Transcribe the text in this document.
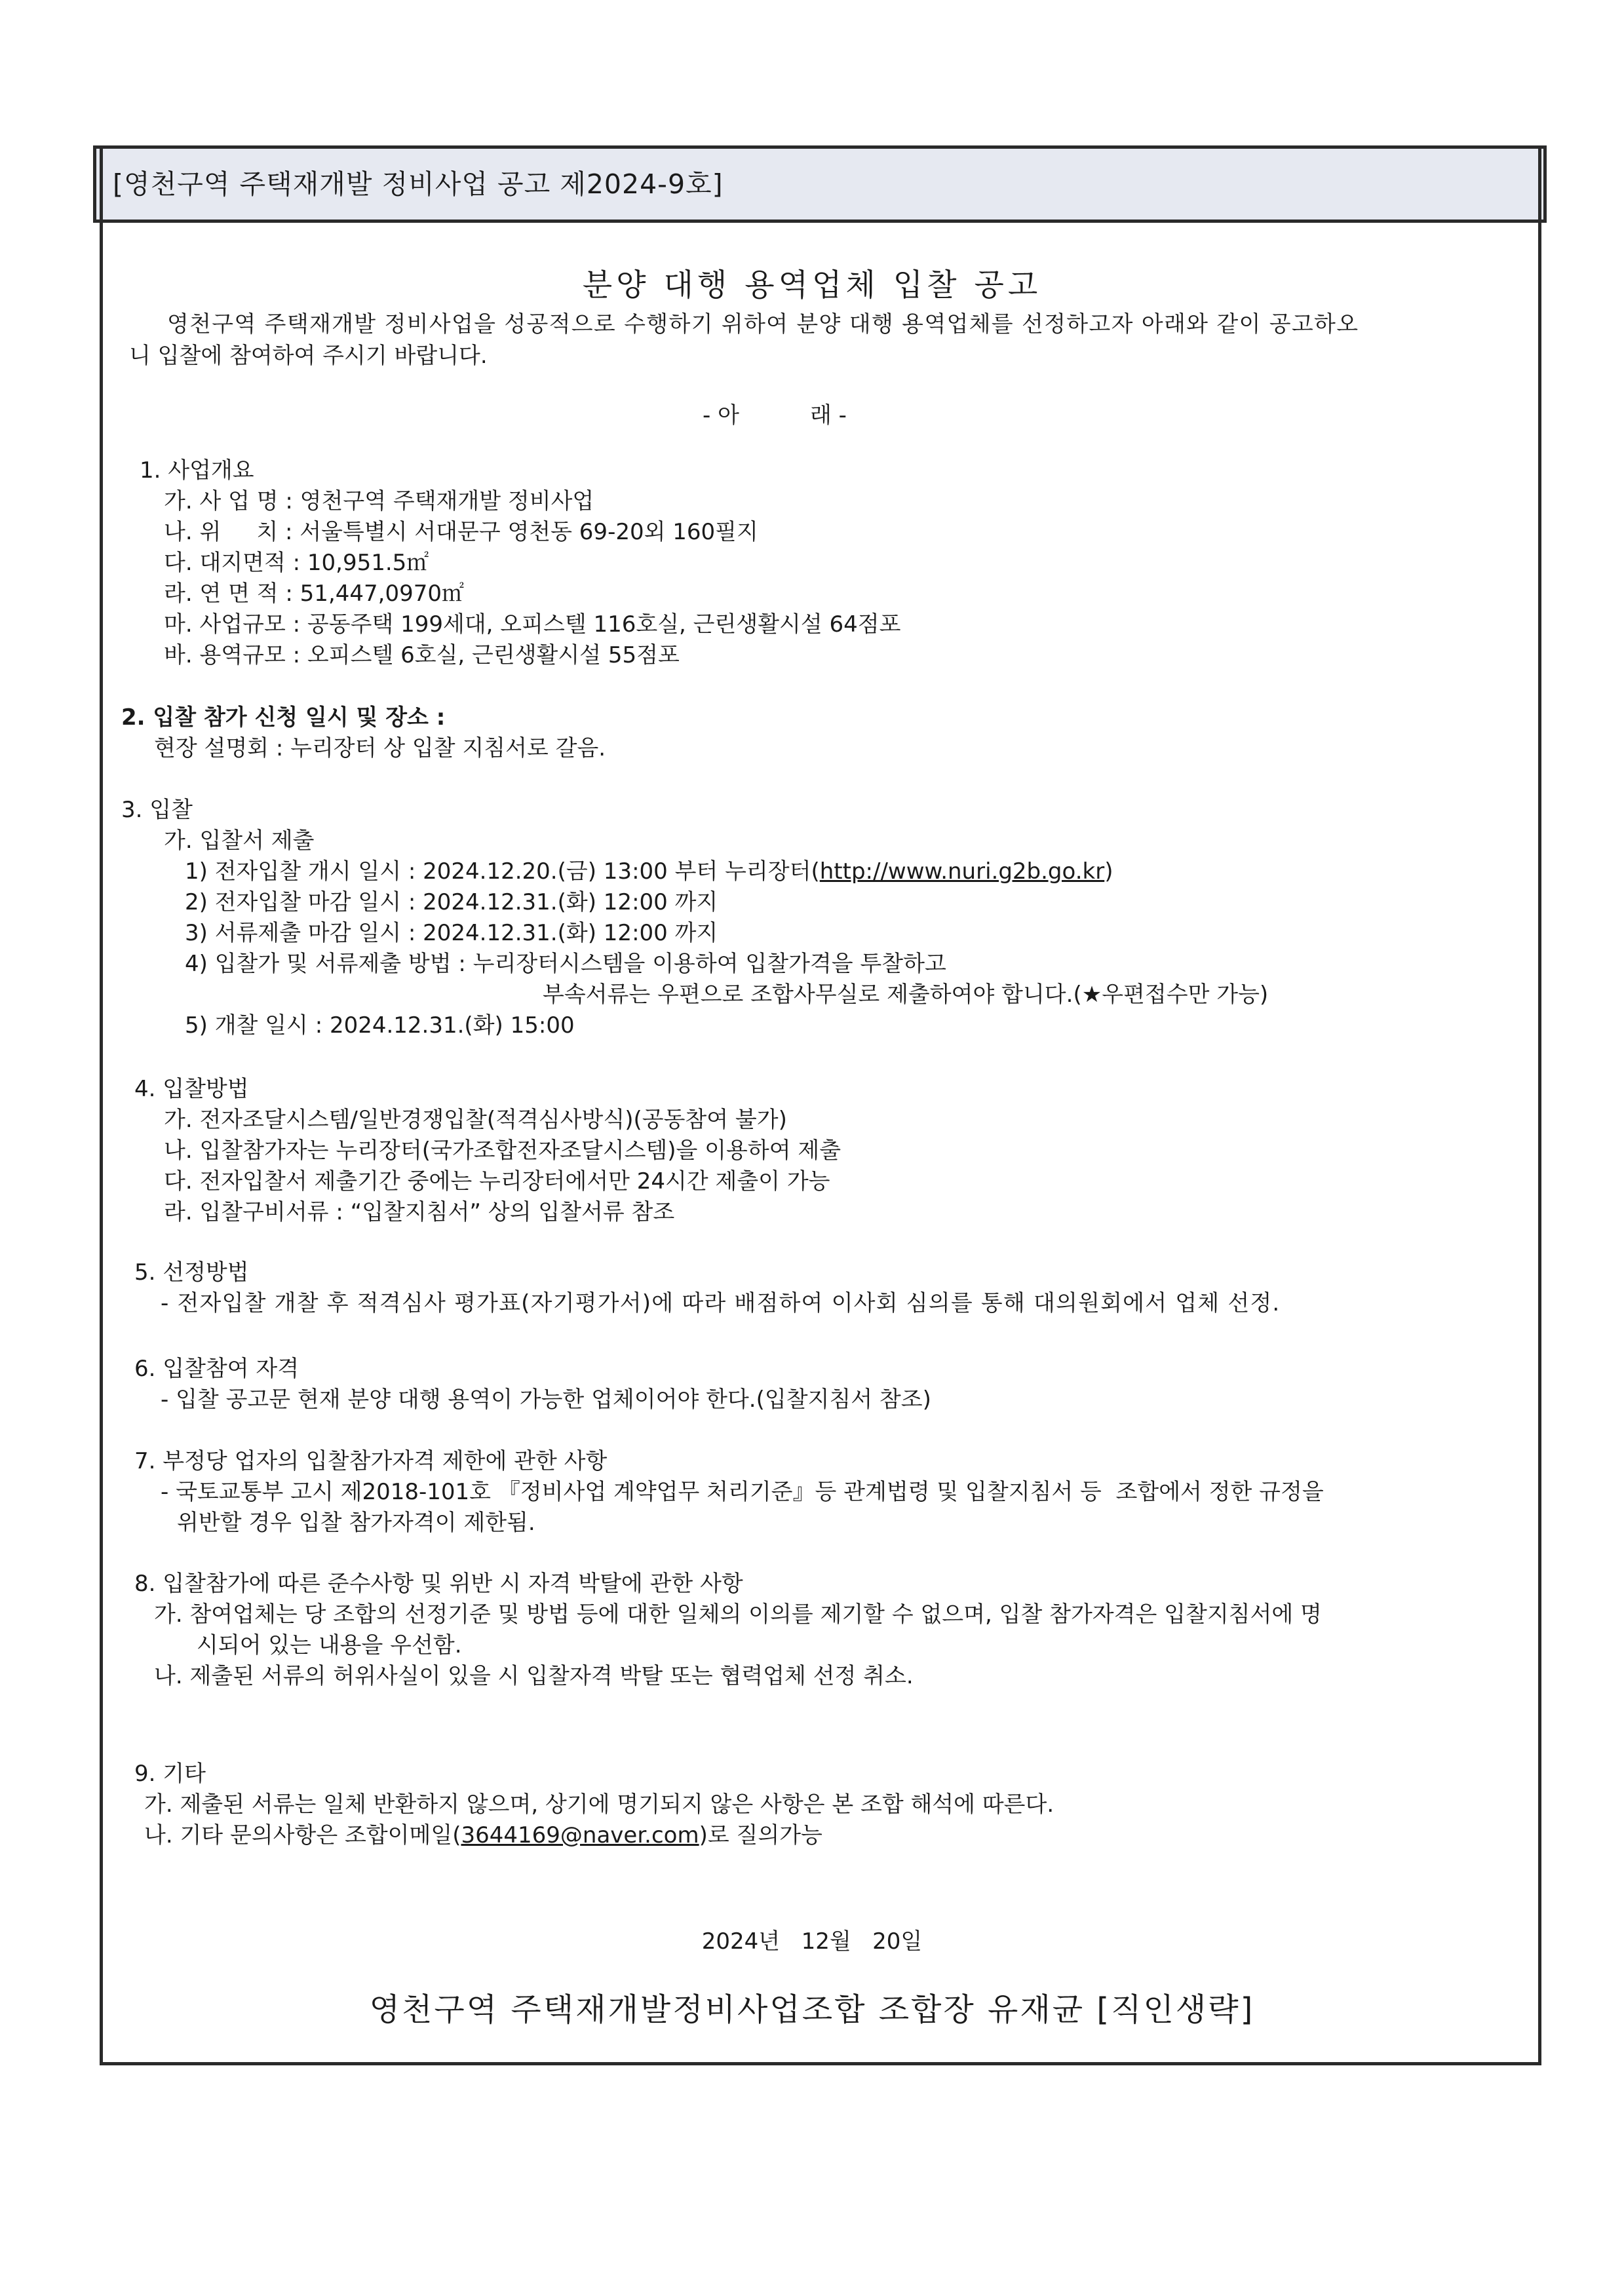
[영천구역 주택재개발 정비사업 공고 제2024-9호]
분양 대행 용역업체 입찰 공고
영천구역 주택재개발 정비사업을 성공적으로 수행하기 위하여 분양 대행 용역업체를 선정하고자 아래와 같이 공고하오
니 입찰에 참여하여 주시기 바랍니다.
- 아          래 -
1. 사업개요
가. 사 업 명 : 영천구역 주택재개발 정비사업
나. 위     치 : 서울특별시 서대문구 영천동 69-20외 160필지
다. 대지면적 : 10,951.5㎡
라. 연 면 적 : 51,447,0970㎡
마. 사업규모 : 공동주택 199세대, 오피스텔 116호실, 근린생활시설 64점포
바. 용역규모 : 오피스텔 6호실, 근린생활시설 55점포
2. 입찰 참가 신청 일시 및 장소 :
현장 설명회 : 누리장터 상 입찰 지침서로 갈음.
3. 입찰
가. 입찰서 제출
1) 전자입찰 개시 일시 : 2024.12.20.(금) 13:00 부터 누리장터(http://www.nuri.g2b.go.kr)
2) 전자입찰 마감 일시 : 2024.12.31.(화) 12:00 까지
3) 서류제출 마감 일시 : 2024.12.31.(화) 12:00 까지
4) 입찰가 및 서류제출 방법 : 누리장터시스템을 이용하여 입찰가격을 투찰하고
부속서류는 우편으로 조합사무실로 제출하여야 합니다.(★우편접수만 가능)
5) 개찰 일시 : 2024.12.31.(화) 15:00
4. 입찰방법
가. 전자조달시스템/일반경쟁입찰(적격심사방식)(공동참여 불가)
나. 입찰참가자는 누리장터(국가조합전자조달시스템)을 이용하여 제출
다. 전자입찰서 제출기간 중에는 누리장터에서만 24시간 제출이 가능
라. 입찰구비서류 : “입찰지침서” 상의 입찰서류 참조
5. 선정방법
- 전자입찰 개찰 후 적격심사 평가표(자기평가서)에 따라 배점하여 이사회 심의를 통해 대의원회에서 업체 선정.
6. 입찰참여 자격
- 입찰 공고문 현재 분양 대행 용역이 가능한 업체이어야 한다.(입찰지침서 참조)
7. 부정당 업자의 입찰참가자격 제한에 관한 사항
- 국토교통부 고시 제2018-101호 『정비사업 계약업무 처리기준』등 관계법령 및 입찰지침서 등  조합에서 정한 규정을
위반할 경우 입찰 참가자격이 제한됨.
8. 입찰참가에 따른 준수사항 및 위반 시 자격 박탈에 관한 사항
가. 참여업체는 당 조합의 선정기준 및 방법 등에 대한 일체의 이의를 제기할 수 없으며, 입찰 참가자격은 입찰지침서에 명
시되어 있는 내용을 우선함.
나. 제출된 서류의 허위사실이 있을 시 입찰자격 박탈 또는 협력업체 선정 취소.
9. 기타
가. 제출된 서류는 일체 반환하지 않으며, 상기에 명기되지 않은 사항은 본 조합 해석에 따른다.
나. 기타 문의사항은 조합이메일(3644169@naver.com)로 질의가능
2024년   12월   20일
영천구역 주택재개발정비사업조합 조합장 유재균 [직인생략]
